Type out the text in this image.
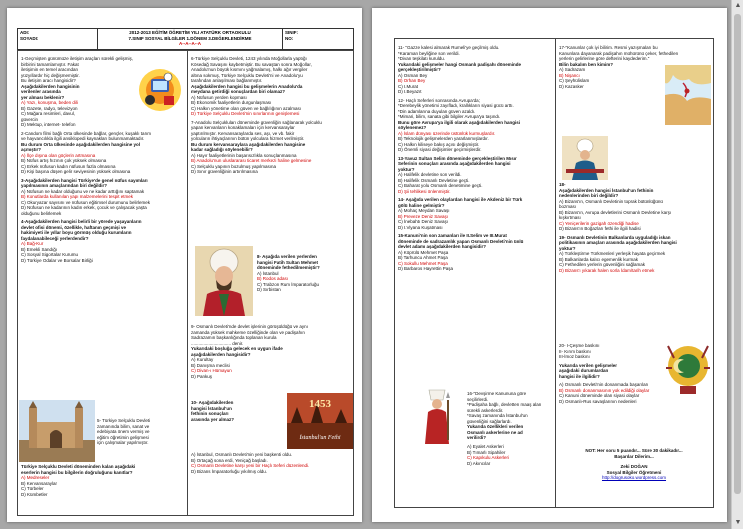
ADI:
SOYADI:
2012-2013 EĞİTİM ÖĞRETİM YILI ATATÜRK ORTAOKULU
7.SINIF SOSYAL BİLGİLER 1.DÖNEM 3.DEĞERLENDİRME
A--A--A--A
SINIF:
NO:
1453
İstanbul'un Fethi
1-Geçmişten günümüze iletişim araçları sürekli gelişmiş,
birbirini tamamlamıştır. Fakat
iletişimin en temel aracından
yüzyıllardır hiç değişmemiştir.
Bu iletişim aracı hangisidir?
Aşağıdakilerden hangisinin
verilenler arasında
yer alması beklenir?
A) Yazı, konuşma, beden dili
B) Gazete, radyo, televizyon
C) Mağara resimleri, davul,
güvercin
D) Mektup, internet- telefon
2-Candom filmi bağlı Orta ülkesinde bağlar, gençler, kuşaklı tarım
ve hayvancılıkla ilgili ansiklopedi kaynakları bulunmamaktadır.
Bu durum Orta ülkesinde aşağıdakilerden hangisine yol
açmıştır?
A) İlçe dışına olan göçlerin artmasına
B) Nüfus artış hızının çok yüksek olmasına
C) Erkek nüfusun kadın nüfusun fazla olmasına
D) Kişi başına düşen gelir seviyesinin yüksek olmasına
3-Aşağıdakilerden hangisi Türkiye'de genel nüfus sayımları
yapılmasının amaçlarından biri değildir?
A) Nüfusun ne kadar olduğunu ve ne kadar arttığını saptamak
B) Konutlarda kullanılan yapı malzemelerini tespit etmek
C) Okuryazar sayısını ve nüfusun eğitimsel durumunu belirlemek
D) Nüfusun ne kadarının kadın erkek, çocuk ve çalışacak yaşta
olduğunu belirlemek
4-Aşağıdakilerden hangisi belirli bir yörede yaşayanların
devlet ofisi dönemi, özellikle, haftanın geçmişi ve
hakimiyeti ile yıllar boyu görmüş olduğu kurumların
faydalanabileceği yerlerdendir?
A) Bağ-Kur
B) Emekli Sandığı
C) Sosyal Sigortalar Kurumu
D) Türkiye Odalar ve Borsalar Birliği
5- Türkiye Selçuklu Devleti
zamanında bilim, sanat ve
edebiyata önem vermiş ve
eğitim öğretimin gelişmesi
için çalışmalar yapılmıştır.
Türkiye Selçuklu Devleti döneminden kalan aşağıdaki
eserlerin hangisi bu bilgilerin doğruluğunu kanıtlar?
A) Medreseler
B) Kervansaraylar
C) Türbeler
D) Kümbetler
6-Türkiye Selçuklu Devleti, 1243 yılında Moğollarla yaptığı
Kösedağ Savaşını kaybetmiştir. Bu savaştan sonra Moğollar,
Anadolu'nun büyük kısmını yağmalamış, halkı ağır vergiler
altına sokmuş, Türkiye Selçuklu Devleti'ni ve Anadolu'yu
tarafından anlaşılması bağlanmıştır.
Aşağıdakilerden hangisi bu gelişmelerin Anadolu'da
meydana getirdiği sonuçlardan biri olamaz?
A) Nüfusun yerden kopması
B) Ekonomik faaliyetlerin durgunlaşması
C) Halkın yönetime olan güven ve bağlılığının azalması
D) Türkiye Selçuklu Devleti'nin sınırlarının genişlemesi
7-Anadolu Selçukluları döneminde güvenliğin sağlanarak yolcuklu
yapan kervanların konaklamaları için kervansaraylar
yaptırılmıştır. Kervansaraylarda ses, aşı, ve vb. fakir
yolcuların ihtiyaçlarının bütün yolculara hizmet verilmiştir.
Bu durum kervansaraylara aşağıdakilerden hangisine
kadar sağladığı söylenebilir?
A) Hayır faaliyetlerinin başarısızlıkla sonuçlanmasına
B) Anadolu'nun uluslararası ticaret merkezi haline gelmesine
C) Selçuklu yapının bozulmuş yapılmasına
D) Sınır güvenliğinin artırılmasına
8- Aşağıda verilen yerlerden
hangisi Fatih Sultan Mehmet
döneminde fethedilmemiştir?
A) İstanbul
B) Rodos adası
C) Trabzon Rum İmparatorluğu
D) Sırbistan
9- Osmanlı Devleti'nde devlet işlerinin görüşüldüğü ve aynı
zamanda yüksek mahkeme özelliğinde olan ve padişahın
Sadrazamın başkanlığında toplanan kurula
................................ denir.
Yukarıdaki boşluğa gelecek en uygun ifade
aşağıdakilerden hangisidir?
A) Kurultay
B) Danışma meclisi
C) Divan-ı Hümayun
D) Pankuş
10- Aşağıdakilerden
hangisi İstanbul'un
fethinin sonuçları
arasında yer almaz?
A) İstanbul, Osmanlı Devleti'nin yeni başkenti oldu.
B) Ortaçağ sona erdi, Yeniçağ başladı.
C) Osmanlı Devletine karşı yeni bir Haçlı Seferi düzenlendi.
D) Bizans İmparatorluğu yıkılmış oldu.
11- "Gazze kalesi almarak Rumeli'ye geçilmiş oldu.
*Karaman beyliğine son verildi.
*Divan teşkilatı kuruldu.
Yukarıdaki gelişmeler hangi Osmanlı padişahı döneminde
gerçekleştirilmiştir?
A) Osman Bey
B) Orhan Bey
C) I.Murat
D) I.Beyazıt
12- Haçlı Seferleri sonrasında Avrupa'da;
*Derebeylik yönetimi zayıfladı, krallıkların siyasi gücü arttı.
*Din adamlarına duyulan güven azaldı.
*Mimari, bilim, sanata gibi bilgiler Avrupa'ya taşındı.
Bunu göre Avrupa'ya ilgili olarak aşağıdakilerden hangisi
söylenemez?
A) İslam dünyası üzerinde üstünlük kurmuşlardır.
B) Teknolojik gelişmelerden yararlanmışlardır.
C) Halkın kiliseye bakış açısı değişmiştir.
D) Önemli siyasi değişimler geçirmişlerdir.
13-Yavuz Sultan Selim döneminde gerçekleştirilen Mısır
Seferinin sonuçları arasında aşağıdakilerden hangisi
yoktur?
A) Halifelik devletine son verildi.
B) Halifelik Osmanlı Devletine geçti.
C) Baharat yolu Osmanlı denetimine geçti.
D) Şii tehlikesi önlenmiştir.
14- Aşağıda verilen olaylardan hangisi ile Akdeniz bir Türk
gölü haline gelmiştir?
A) Mohaç Meydan Savaşı
B) Preveze Deniz Savaşı
C) İnebahtı Deniz Savaşı
D) I.Viyana Kuşatması
15-Kanuni'nin son zamanları ile II.Selim ve III.Murat
döneminde de sadrazamlık yapan Osmanlı Devleti'nin ünlü
devlet adamı aşağıdakilerden hangisidir?
A) Köprülü Mehmet Paşa
B) Tarhuncu Ahmet Paşa
C) Sokullu Mehmet Paşa
D) Barbaros Hayrettin Paşa
16-"Devşirme Kanununa göre
seçilirlerdi.
*Padişaha bağlı, devletten maaş alan
sürekli askerlerdir.
*Savaş zamanında İstanbul'un
güvenliğini sağlarlardı.
Yukarıda özellikleri verilen
Osmanlı askerlerine ne ad
verilirdi?
A) Eyalet Askerleri
B) Tımarlı Sipahiler
C) Kapıkulu Askerleri
D) Akıncılar
17-"Kanunlar çok iyi bilirim. Resmi yazışmaları bu
Kanunlara dayanarak padişahın mühürünü çeker, fethedilen
yerlerin gelirlerine göre defterini kaydederim."
Bilin bakalım ben kimim?
A) Sadrazam
B) Nişancı
C) Şeyhülislam
D) Kazasker
18-
Aşağıdakilerden hangisi İstanbul'un fethinin
nedenlerinden biri değildir?
A) Bizans'ın, Osmanlı Devletinin toprak bütünlüğünü
bozması
B) Bizans'ın, Avrupa devletlerini Osmanlı Devletine karşı
kışkırtması
C) Yeniçerilerin gazigah özendiği hadise
D) Bizans'ın Boğazları fethi ile ilgili hadisi
19- Osmanlı Devletinin Balkanlarda uyguladığı iskan
politikasının amaçları arasında aşağıdakilerden hangisi
yoktur?
A) Türkleştirme Türkmenleri yerleşik hayata geçirmek
B) Balkanlarda kalıcı egemenlik kurmak
C) Fethedilen yerlerin güvenliğini sağlamak
D) Bizans'ı yıkarak halen sorla İdam/tarih etmek
20- I-Çeşme baskını
II- Kırım baskını
III-İmoz baskını
Yukarıda verilen gelişmeler
aşağıdaki durumlardan
hangisi ile ilgilidir?
A) Osmanlı Devleti'nin donanmada başarıları
B) Osmanlı donanmasının yok edildiği olaylar
C) Kanuni döneminde olan siyasi olaylar
D) Osmanlı-Rus savaşlarının nedenleri
NOT: Her soru 5 puandır... Süre 30 dakikadır...
Başarılar Dilerim...
Zeki DOĞAN
Sosyal Bilgiler Öğretmeni
http://dogrusoko.wordpress.com
▲
▼
